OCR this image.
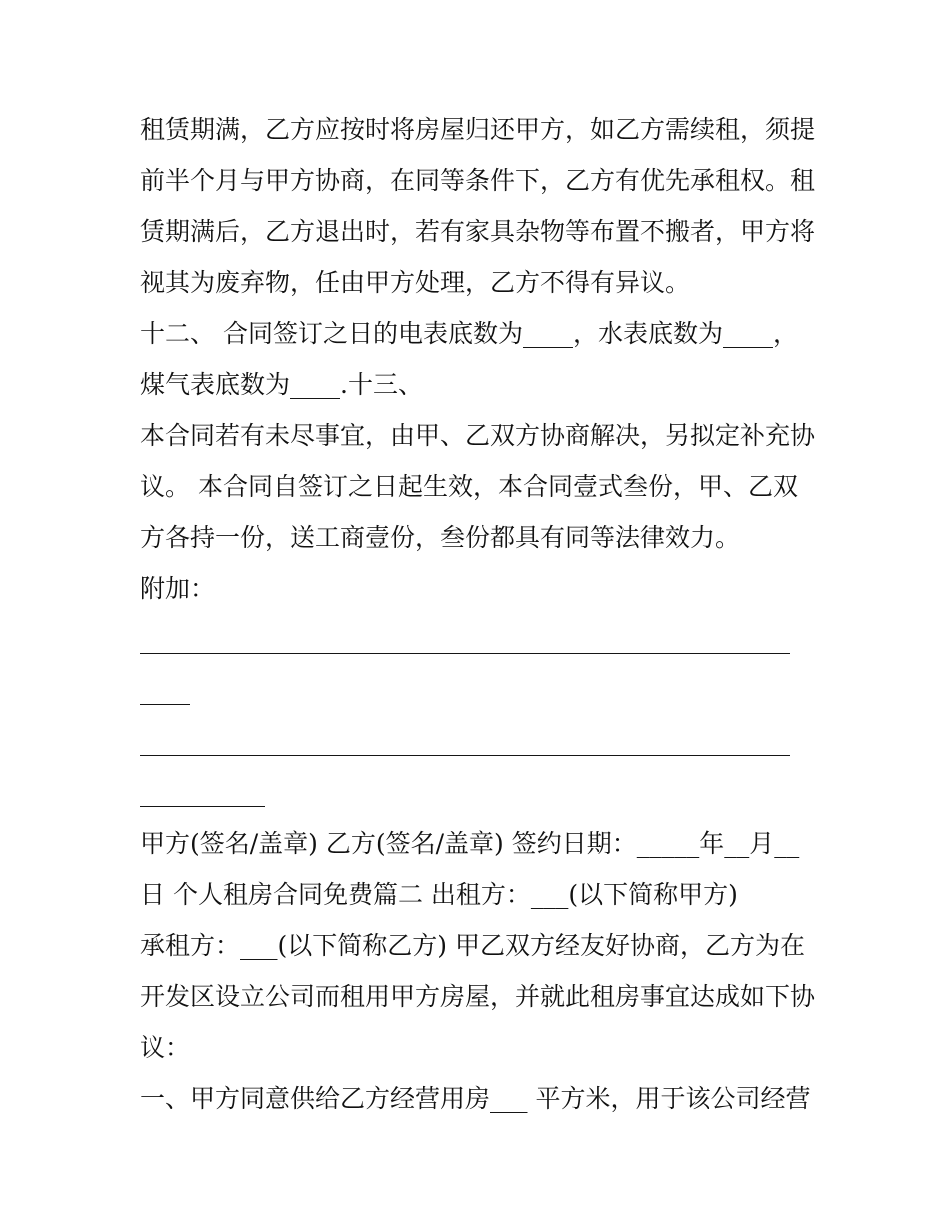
租赁期满，乙方应按时将房屋归还甲方，如乙方需续租，须提
前半个月与甲方协商，在同等条件下，乙方有优先承租权。租
赁期满后，乙方退出时，若有家具杂物等布置不搬者，甲方将
视其为废弃物，任由甲方处理，乙方不得有异议。
十二、 合同签订之日的电表底数为____，水表底数为____，
煤气表底数为____.十三、
本合同若有未尽事宜，由甲、乙双方协商解决，另拟定补充协
议。 本合同自签订之日起生效，本合同壹式叁份，甲、乙双
方各持一份，送工商壹份，叁份都具有同等法律效力。
附加：
____________________________________________________
____
____________________________________________________
__________
甲方(签名/盖章) 乙方(签名/盖章) 签约日期：_____年__月__
日 个人租房合同免费篇二 出租方：___(以下简称甲方)
承租方：___(以下简称乙方) 甲乙双方经友好协商，乙方为在
开发区设立公司而租用甲方房屋，并就此租房事宜达成如下协
议：
一、甲方同意供给乙方经营用房___ 平方米，用于该公司经营
